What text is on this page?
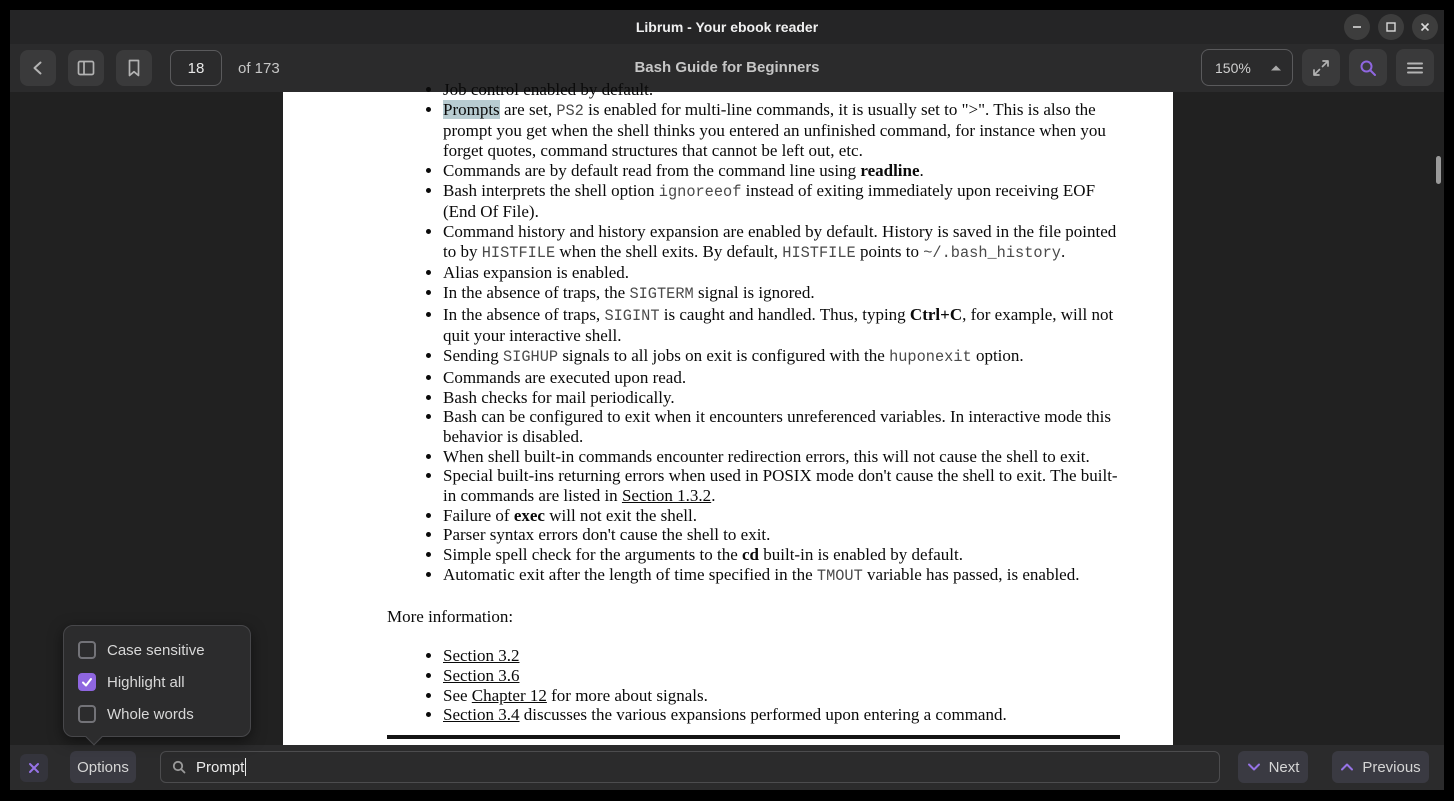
Librum - Your ebook reader
Bash Guide for Beginners
18
of 173	150%
• Job control enabled by default.
• Prompts are set, PS2 is enabled for multi-line commands, it is usually set to ">". This is also the prompt you get when the shell thinks you entered an unfinished command, for instance when you forget quotes, command structures that cannot be left out, etc.
• Commands are by default read from the command line using readline.
• Bash interprets the shell option ignoreeof instead of exiting immediately upon receiving EOF (End Of File).
• Command history and history expansion are enabled by default. History is saved in the file pointed to by HISTFILE when the shell exits. By default, HISTFILE points to ~/.bash_history.
• Alias expansion is enabled.
• In the absence of traps, the SIGTERM signal is ignored.
• In the absence of traps, SIGINT is caught and handled. Thus, typing Ctrl+C, for example, will not quit your interactive shell.
• Sending SIGHUP signals to all jobs on exit is configured with the huponexit option.
• Commands are executed upon read.
• Bash checks for mail periodically.
• Bash can be configured to exit when it encounters unreferenced variables. In interactive mode this behavior is disabled.
• When shell built-in commands encounter redirection errors, this will not cause the shell to exit.
• Special built-ins returning errors when used in POSIX mode don't cause the shell to exit. The built-in commands are listed in Section 1.3.2.
• Failure of exec will not exit the shell.
• Parser syntax errors don't cause the shell to exit.
• Simple spell check for the arguments to the cd built-in is enabled by default.
• Automatic exit after the length of time specified in the TMOUT variable has passed, is enabled.

More information:

• Section 3.2
• Section 3.6
• See Chapter 12 for more about signals.
• Section 3.4 discusses the various expansions performed upon entering a command.
Case sensitive
Highlight all
Whole words
Options	Prompt	Next	Previous
